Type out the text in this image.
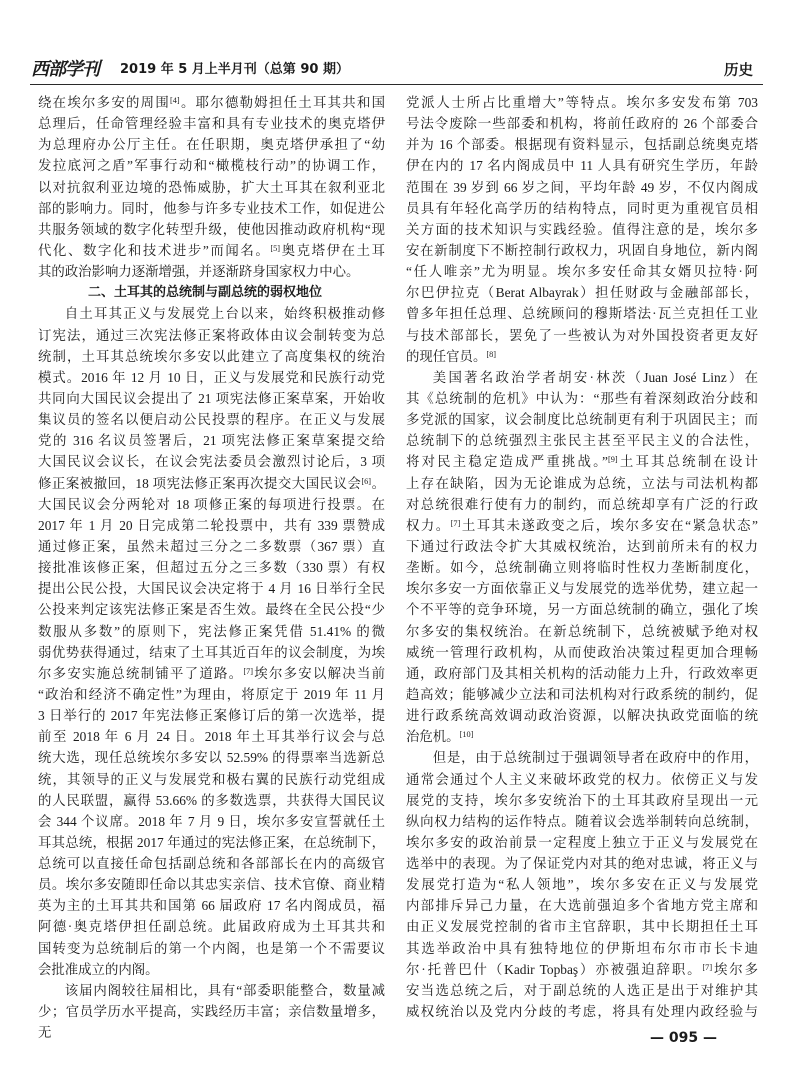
西部学刊 2019 年 5 月上半月刊（总第 90 期）	历史
绕在埃尔多安的周围[4]。耶尔德勒姆担任土耳其共和国
总理后，任命管理经验丰富和具有专业技术的奥克塔伊
为总理府办公厅主任。在任职期，奥克塔伊承担了“幼
发拉底河之盾”军事行动和“橄榄枝行动”的协调工作，
以对抗叙利亚边境的恐怖威胁，扩大土耳其在叙利亚北
部的影响力。同时，他参与许多专业技术工作，如促进公
共服务领域的数字化转型升级，使他因推动政府机构“现
代化、数字化和技术进步”而闻名。[5]奥克塔伊在土耳
其的政治影响力逐渐增强，并逐渐跻身国家权力中心。
二、土耳其的总统制与副总统的弱权地位
自土耳其正义与发展党上台以来，始终积极推动修
订宪法，通过三次宪法修正案将政体由议会制转变为总
统制，土耳其总统埃尔多安以此建立了高度集权的统治
模式。2016 年 12 月 10 日，正义与发展党和民族行动党
共同向大国民议会提出了 21 项宪法修正案草案，开始收
集议员的签名以便启动公民投票的程序。在正义与发展
党的 316 名议员签署后，21 项宪法修正案草案提交给
大国民议会议长，在议会宪法委员会激烈讨论后，3 项
修正案被撤回，18 项宪法修正案再次提交大国民议会[6]。
大国民议会分两轮对 18 项修正案的每项进行投票。在
2017 年 1 月 20 日完成第二轮投票中，共有 339 票赞成
通过修正案，虽然未超过三分之二多数票（367 票）直
接批准该修正案，但超过五分之三多数（330 票）有权
提出公民公投，大国民议会决定将于 4 月 16 日举行全民
公投来判定该宪法修正案是否生效。最终在全民公投“少
数服从多数”的原则下，宪法修正案凭借 51.41% 的微
弱优势获得通过，结束了土耳其近百年的议会制度，为埃
尔多安实施总统制铺平了道路。[7]埃尔多安以解决当前
“政治和经济不确定性”为理由，将原定于 2019 年 11 月
3 日举行的 2017 年宪法修正案修订后的第一次选举，提
前至 2018 年 6 月 24 日。2018 年土耳其举行议会与总
统大选，现任总统埃尔多安以 52.59% 的得票率当选新总
统，其领导的正义与发展党和极右翼的民族行动党组成
的人民联盟，赢得 53.66% 的多数选票，共获得大国民议
会 344 个议席。2018 年 7 月 9 日，埃尔多安宣誓就任土
耳其总统，根据 2017 年通过的宪法修正案，在总统制下，
总统可以直接任命包括副总统和各部部长在内的高级官
员。埃尔多安随即任命以其忠实亲信、技术官僚、商业精
英为主的土耳其共和国第 66 届政府 17 名内阁成员，福
阿德·奥克塔伊担任副总统。此届政府成为土耳其共和
国转变为总统制后的第一个内阁，也是第一个不需要议
会批准成立的内阁。
该届内阁较往届相比，具有“部委职能整合，数量减
少；官员学历水平提高，实践经历丰富；亲信数量增多，无
党派人士所占比重增大”等特点。埃尔多安发布第 703
号法令废除一些部委和机构，将前任政府的 26 个部委合
并为 16 个部委。根据现有资料显示，包括副总统奥克塔
伊在内的 17 名内阁成员中 11 人具有研究生学历，年龄
范围在 39 岁到 66 岁之间，平均年龄 49 岁，不仅内阁成
员具有年轻化高学历的结构特点，同时更为重视官员相
关方面的技术知识与实践经验。值得注意的是，埃尔多
安在新制度下不断控制行政权力，巩固自身地位，新内阁
“任人唯亲”尤为明显。埃尔多安任命其女婿贝拉特·阿
尔巴伊拉克（Berat Albayrak）担任财政与金融部部长，
曾多年担任总理、总统顾问的穆斯塔法·瓦兰克担任工业
与技术部部长，罢免了一些被认为对外国投资者更友好
的现任官员。[8]
美国著名政治学者胡安·林茨（Juan José Linz）在
其《总统制的危机》中认为：“那些有着深刻政治分歧和
多党派的国家，议会制度比总统制更有利于巩固民主；而
总统制下的总统强烈主张民主甚至平民主义的合法性，
将对民主稳定造成严重挑战。”[9]土耳其总统制在设计
上存在缺陷，因为无论谁成为总统，立法与司法机构都
对总统很难行使有力的制约，而总统却享有广泛的行政
权力。[7]土耳其未遂政变之后，埃尔多安在“紧急状态”
下通过行政法令扩大其威权统治，达到前所未有的权力
垄断。如今，总统制确立则将临时性权力垄断制度化，
埃尔多安一方面依靠正义与发展党的选举优势，建立起一
个不平等的竞争环境，另一方面总统制的确立，强化了埃
尔多安的集权统治。在新总统制下，总统被赋予绝对权
威统一管理行政机构，从而使政治决策过程更加合理畅
通，政府部门及其相关机构的活动能力上升，行政效率更
趋高效；能够减少立法和司法机构对行政系统的制约，促
进行政系统高效调动政治资源，以解决执政党面临的统
治危机。[10]
但是，由于总统制过于强调领导者在政府中的作用，
通常会通过个人主义来破坏政党的权力。依傍正义与发
展党的支持，埃尔多安统治下的土耳其政府呈现出一元
纵向权力结构的运作特点。随着议会选举制转向总统制，
埃尔多安的政治前景一定程度上独立于正义与发展党在
选举中的表现。为了保证党内对其的绝对忠诚，将正义与
发展党打造为“私人领地”，埃尔多安在正义与发展党
内部排斥异己力量，在大选前强迫多个省地方党主席和
由正义发展党控制的省市主官辞职，其中长期担任土耳
其选举政治中具有独特地位的伊斯坦布尔市市长卡迪
尔·托普巴什（Kadir Topbaş）亦被强迫辞职。[7]埃尔多
安当选总统之后，对于副总统的人选正是出于对维护其
威权统治以及党内分歧的考虑，将具有处理内政经验与
— 095 —
